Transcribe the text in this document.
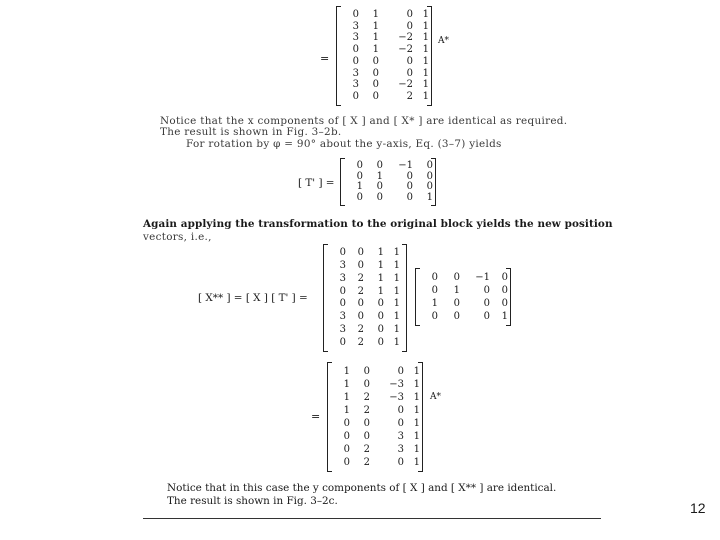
=
0	1	0 1
3	1	0 1
3	1	−2 1
0	1	−2 1
0	0	0 1
3	0	0 1
3	0	−2 1
0	0	2 1
A*
Notice that the x components of [ X ] and [ X* ] are identical as required.
The result is shown in Fig. 3–2b.
For rotation by φ = 90° about the y-axis, Eq. (3–7) yields
[ T' ] =
0	0	−1	0
0	1	0	0
1	0	0	0
0	0	0	1
Again applying the transformation to the original block yields the new position
vectors, i.e.,
[ X** ] = [ X ] [ T' ] =
0	0	1 1
3	0	1 1
3	2	1 1
0	2	1 1
0	0	0 1
3	0	0 1
3	2	0 1
0	2	0 1
0	0	−1	0
0	1	0	0
1	0	0	0
0	0	0	1
=
1	0	0 1
1	0	−3 1
1	2	−3 1
1	2	0 1
0	0	0 1
0	0	3 1
0	2	3 1
0	2	0 1
A*
Notice that in this case the y components of [ X ] and [ X** ] are identical.
The result is shown in Fig. 3–2c.	12
